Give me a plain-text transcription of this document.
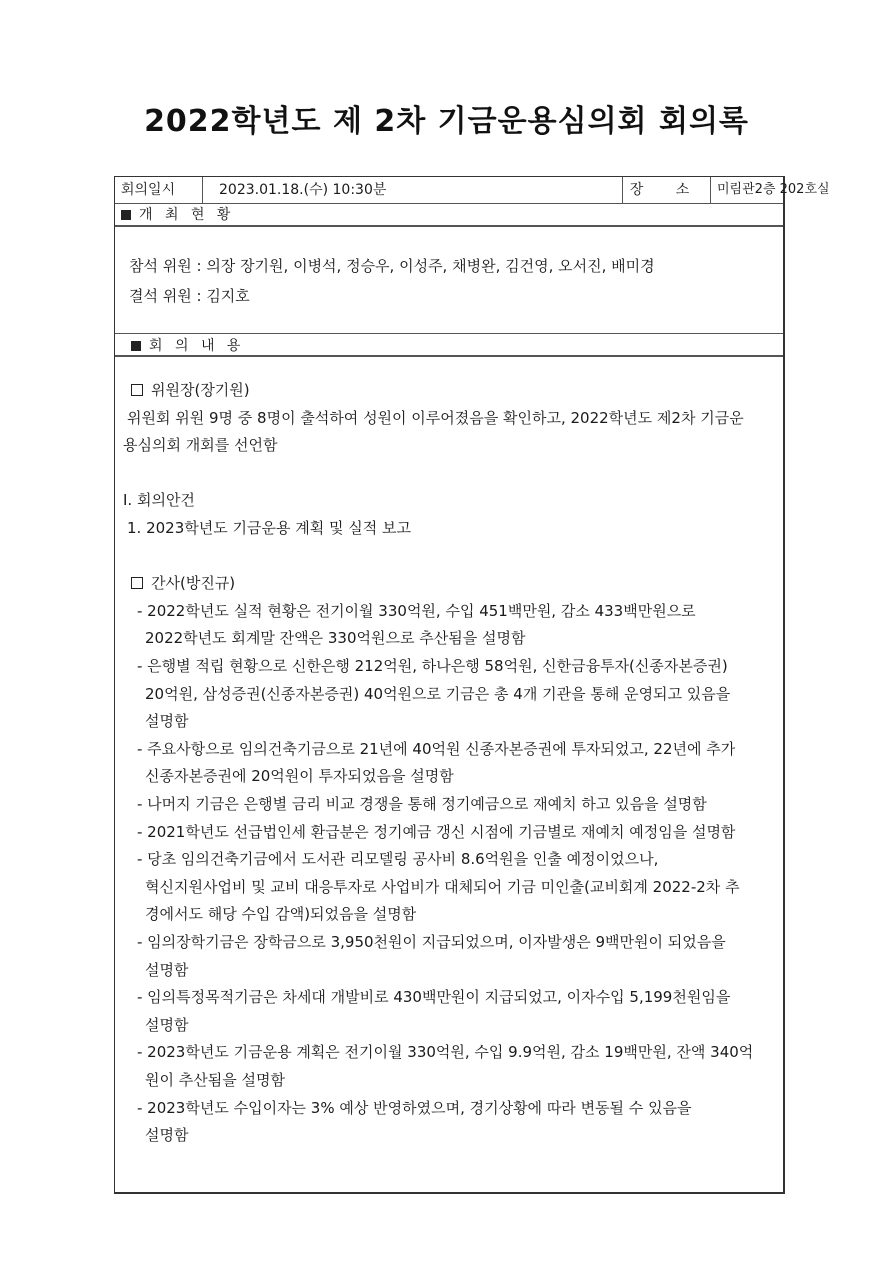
2022학년도 제 2차 기금운용심의회 회의록
회의일시	2023.01.18.(수) 10:30분	장 소	미림관2층 202호실
개 최 현 황
참석 위원 : 의장 장기원, 이병석, 정승우, 이성주, 채병완, 김건영, 오서진, 배미경
결석 위원 : 김지호
회 의 내 용
위원장(장기원)
위원회 위원 9명 중 8명이 출석하여 성원이 이루어졌음을 확인하고, 2022학년도 제2차 기금운
용심의회 개회를 선언함
Ⅰ. 회의안건
1. 2023학년도 기금운용 계획 및 실적 보고
간사(방진규)
- 2022학년도 실적 현황은 전기이월 330억원, 수입 451백만원, 감소 433백만원으로
2022학년도 회계말 잔액은 330억원으로 추산됨을 설명함
- 은행별 적립 현황으로 신한은행 212억원, 하나은행 58억원, 신한금융투자(신종자본증권)
20억원, 삼성증권(신종자본증권) 40억원으로 기금은 총 4개 기관을 통해 운영되고 있음을
설명함
- 주요사항으로 임의건축기금으로 21년에 40억원 신종자본증권에 투자되었고, 22년에 추가
신종자본증권에 20억원이 투자되었음을 설명함
- 나머지 기금은 은행별 금리 비교 경쟁을 통해 정기예금으로 재예치 하고 있음을 설명함
- 2021학년도 선급법인세 환급분은 정기예금 갱신 시점에 기금별로 재예치 예정임을 설명함
- 당초 임의건축기금에서 도서관 리모델링 공사비 8.6억원을 인출 예정이었으나,
혁신지원사업비 및 교비 대응투자로 사업비가 대체되어 기금 미인출(교비회계 2022-2차 추
경에서도 해당 수입 감액)되었음을 설명함
- 임의장학기금은 장학금으로 3,950천원이 지급되었으며, 이자발생은 9백만원이 되었음을
설명함
- 임의특정목적기금은 차세대 개발비로 430백만원이 지급되었고, 이자수입 5,199천원임을
설명함
- 2023학년도 기금운용 계획은 전기이월 330억원, 수입 9.9억원, 감소 19백만원, 잔액 340억
원이 추산됨을 설명함
- 2023학년도 수입이자는 3% 예상 반영하였으며, 경기상황에 따라 변동될 수 있음을
설명함
